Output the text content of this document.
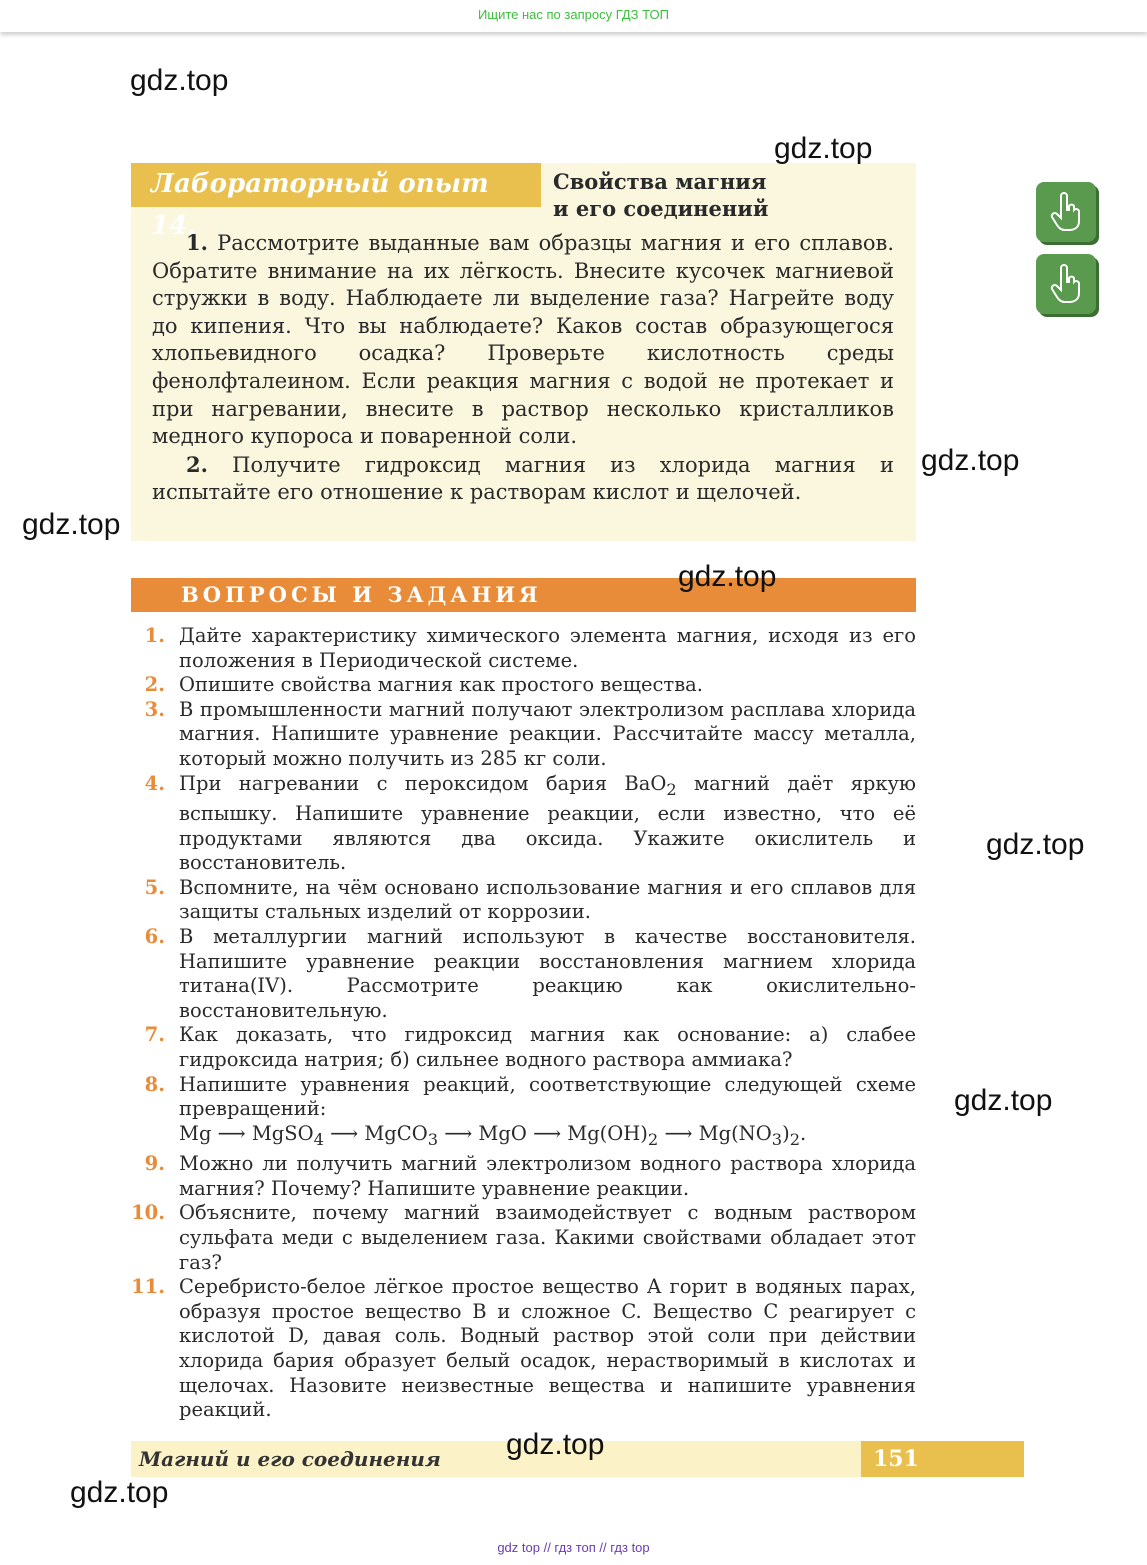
Ищите нас по запросу ГДЗ ТОП
Лабораторный опыт 14.
Свойства магния
и его соединений

1. Рассмотрите выданные вам образцы магния и его сплавов. Обратите внимание на их лёгкость. Внесите кусочек магниевой стружки в воду. Наблюдаете ли выделение газа? Нагрейте воду до кипения. Что вы наблюдаете? Каков состав образующегося хлопьевидного осадка? Проверьте кислотность среды фенолфталеином. Если реакция магния с водой не протекает и при нагревании, внесите в раствор несколько кристалликов медного купороса и поваренной соли.

2. Получите гидроксид магния из хлорида магния и испытайте его отношение к растворам кислот и щелочей.

ВОПРОСЫ И ЗАДАНИЯ
1. Дайте характеристику химического элемента магния, исходя из его положения в Периодической системе.
2. Опишите свойства магния как простого вещества.
3. В промышленности магний получают электролизом расплава хлорида магния. Напишите уравнение реакции. Рассчитайте массу металла, который можно получить из 285 кг соли.
4. При нагревании с пероксидом бария BaO$_2$ магний даёт яркую вспышку. Напишите уравнение реакции, если известно, что её продуктами являются два оксида. Укажите окислитель и восстановитель.
5. Вспомните, на чём основано использование магния и его сплавов для защиты стальных изделий от коррозии.
6. В металлургии магний используют в качестве восстановителя. Напишите уравнение реакции восстановления магнием хлорида титана(IV). Рассмотрите реакцию как окислительно-восстановительную.
7. Как доказать, что гидроксид магния как основание: а) слабее гидроксида натрия; б) сильнее водного раствора аммиака?
8. Напишите уравнения реакций, соответствующие следующей схеме превращений:
Mg ⟶ MgSO$_4$ ⟶ MgCO$_3$ ⟶ MgO ⟶ $Mg(OH)_2$ ⟶ $Mg(NO_3)_2$.
9. Можно ли получить магний электролизом водного раствора хлорида магния? Почему? Напишите уравнение реакции.
10. Объясните, почему магний взаимодействует с водным раствором сульфата меди с выделением газа. Какими свойствами обладает этот газ?
11. Серебристо-белое лёгкое простое вещество A горит в водяных парах, образуя простое вещество B и сложное C. Вещество C реагирует с кислотой D, давая соль. Водный раствор этой соли при действии хлорида бария образует белый осадок, нерастворимый в кислотах и щелочах. Назовите неизвестные вещества и напишите уравнения реакций.
Магний и его соединения	151
gdz.top
gdz.top
gdz.top
gdz.top
gdz.top
gdz.top
gdz.top
gdz.top
gdz.top
gdz top // гдз топ // гдз top
